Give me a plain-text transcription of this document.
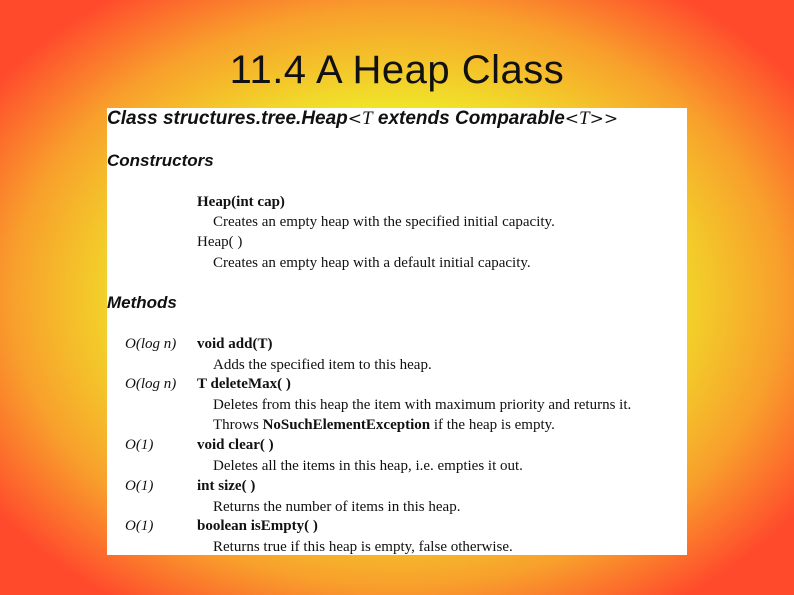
11.4 A Heap Class
Class structures.tree.Heap<T extends Comparable<T>>
Constructors
Heap(int cap)
Creates an empty heap with the specified initial capacity.
Heap( )
Creates an empty heap with a default initial capacity.
Methods
O(log n) void add(T)
Adds the specified item to this heap.
O(log n) T deleteMax( )
Deletes from this heap the item with maximum priority and returns it.
Throws NoSuchElementException if the heap is empty.
O(1)	void clear( )
Deletes all the items in this heap, i.e. empties it out.
O(1)	int size( )
Returns the number of items in this heap.
O(1)	boolean isEmpty( )
Returns true if this heap is empty, false otherwise.
